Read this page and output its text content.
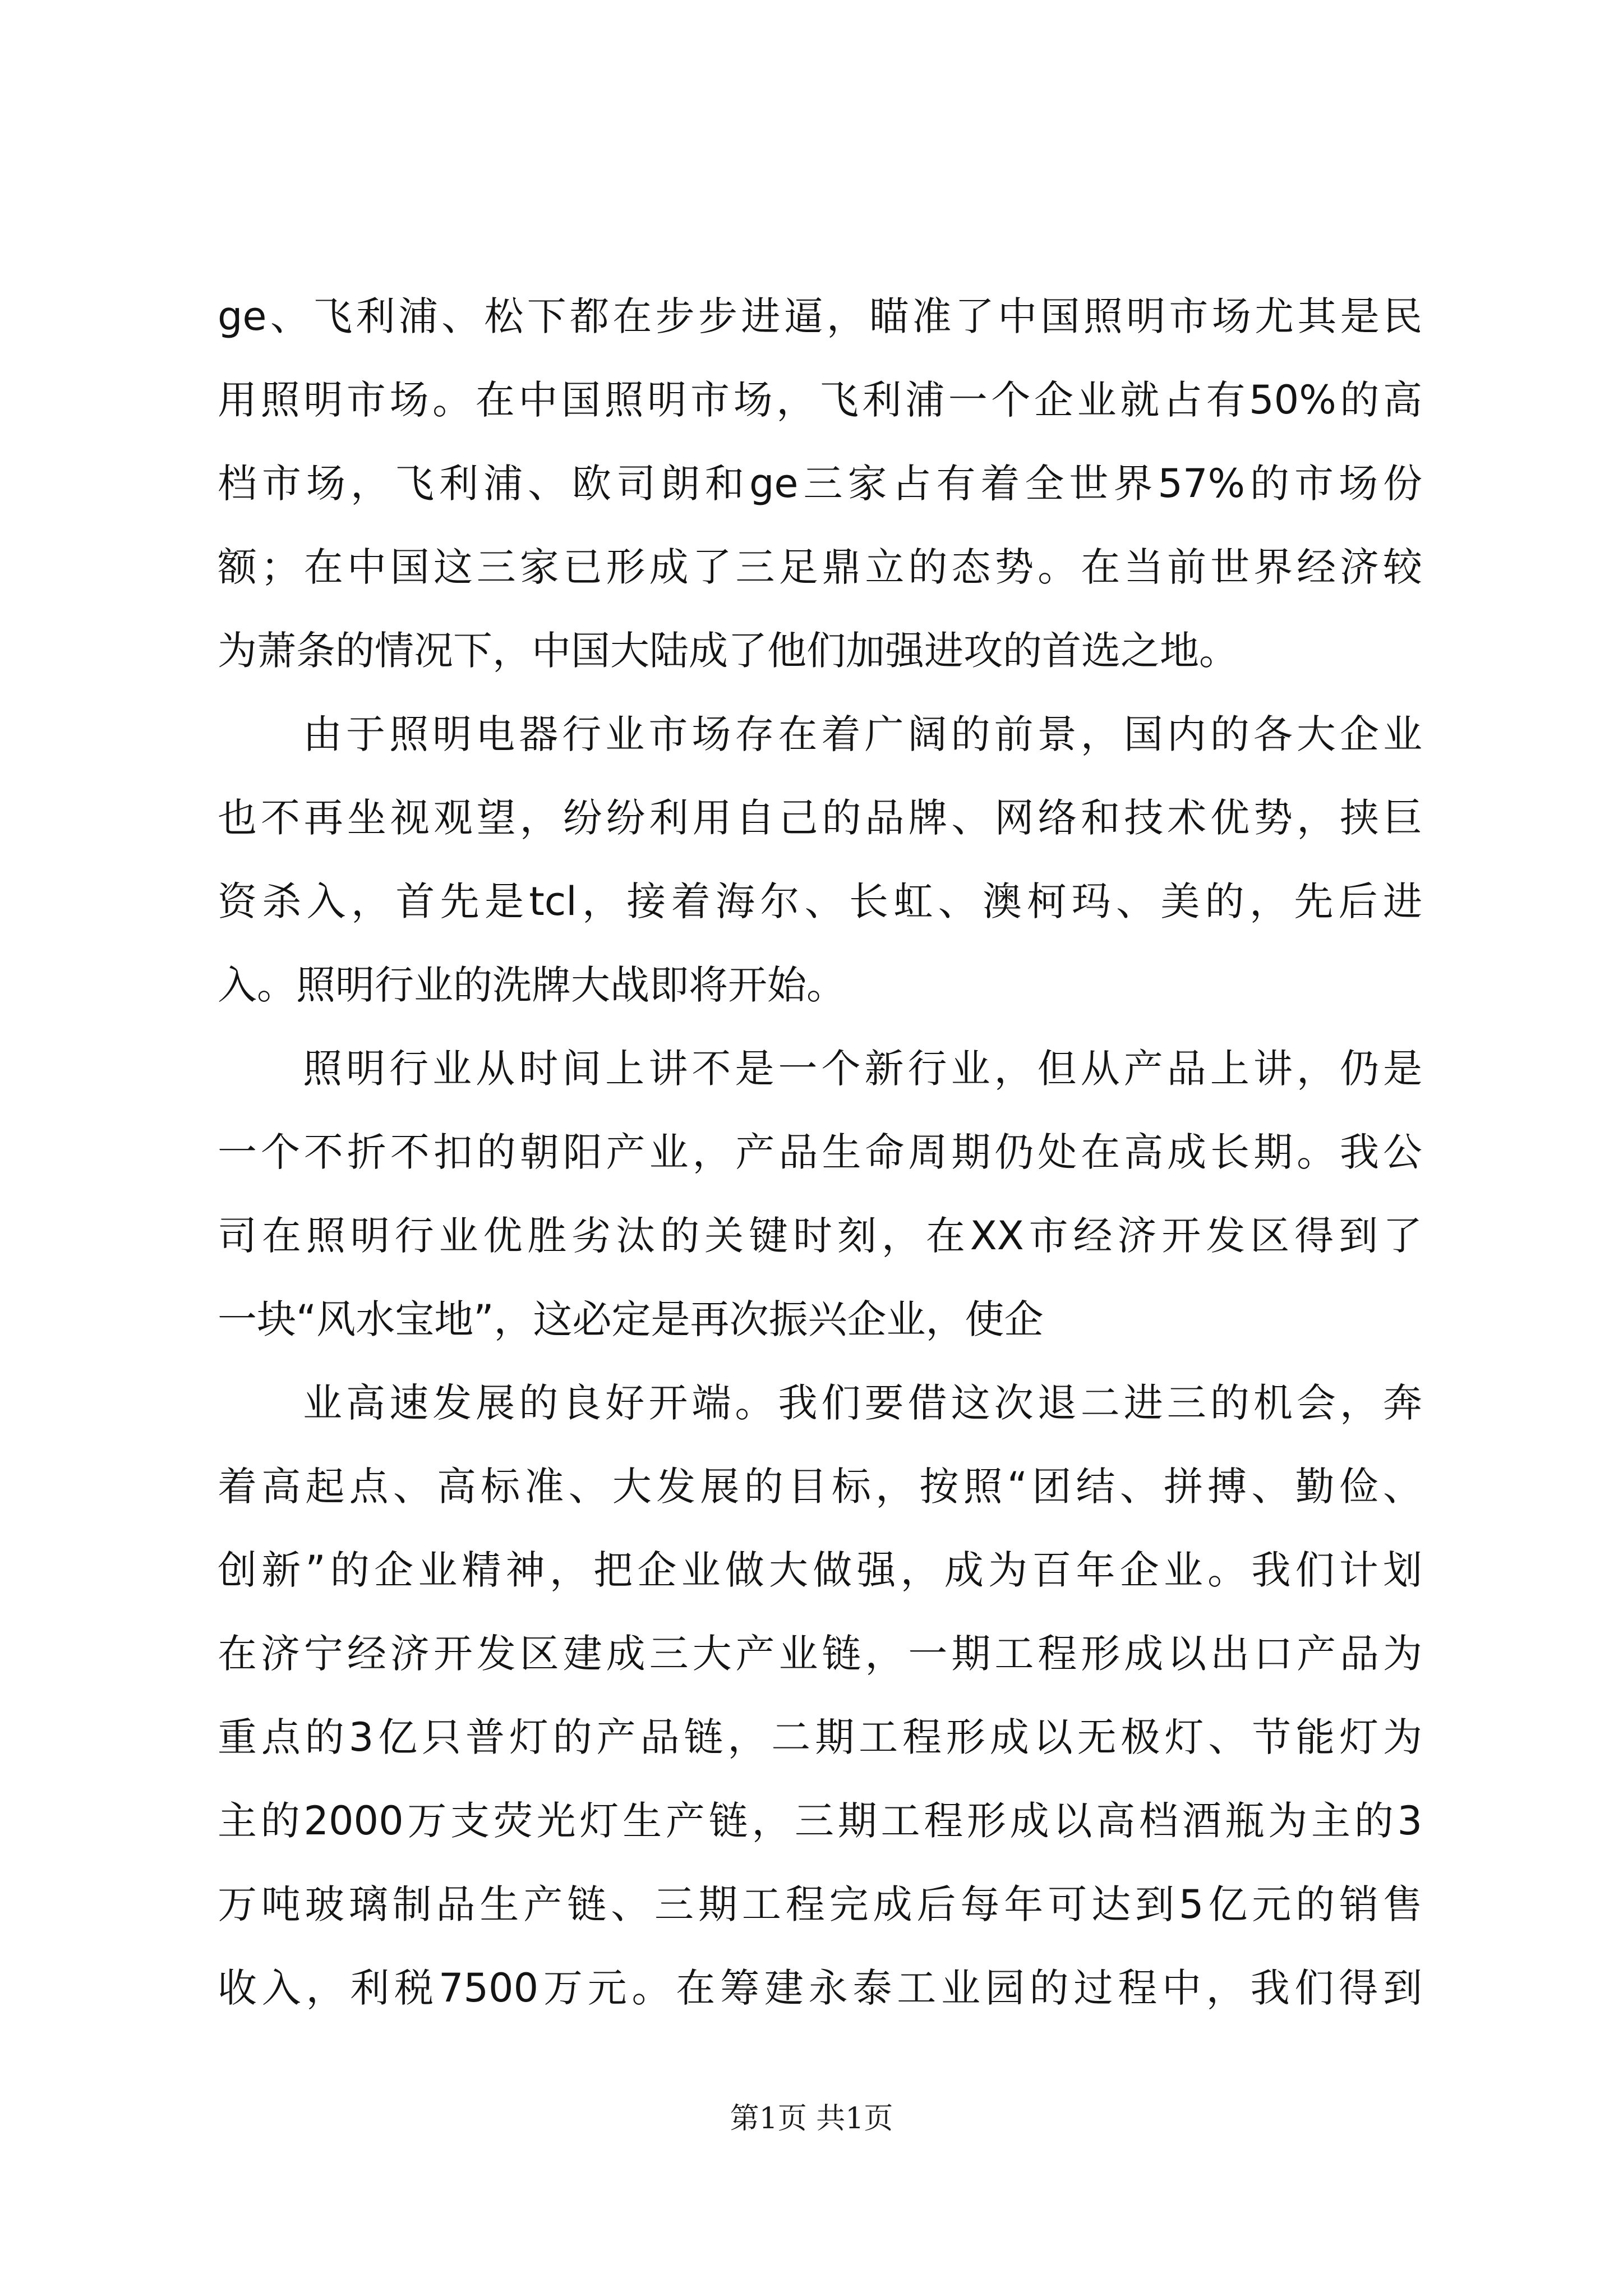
ge、飞利浦、松下都在步步进逼，瞄准了中国照明市场尤其是民
用照明市场。在中国照明市场，飞利浦一个企业就占有50%的高
档市场，飞利浦、欧司朗和ge三家占有着全世界57%的市场份
额；在中国这三家已形成了三足鼎立的态势。在当前世界经济较
为萧条的情况下，中国大陆成了他们加强进攻的首选之地。
由于照明电器行业市场存在着广阔的前景，国内的各大企业
也不再坐视观望，纷纷利用自己的品牌、网络和技术优势，挟巨
资杀入，首先是tcl，接着海尔、长虹、澳柯玛、美的，先后进
入。照明行业的洗牌大战即将开始。
照明行业从时间上讲不是一个新行业，但从产品上讲，仍是
一个不折不扣的朝阳产业，产品生命周期仍处在高成长期。我公
司在照明行业优胜劣汰的关键时刻，在XX市经济开发区得到了
一块“风水宝地”，这必定是再次振兴企业，使企
业高速发展的良好开端。我们要借这次退二进三的机会，奔
着高起点、高标准、大发展的目标，按照“团结、拼搏、勤俭、
创新”的企业精神，把企业做大做强，成为百年企业。我们计划
在济宁经济开发区建成三大产业链，一期工程形成以出口产品为
重点的3亿只普灯的产品链，二期工程形成以无极灯、节能灯为
主的2000万支荧光灯生产链，三期工程形成以高档酒瓶为主的3
万吨玻璃制品生产链、三期工程完成后每年可达到5亿元的销售
收入，利税7500万元。在筹建永泰工业园的过程中，我们得到
第1页 共1页
